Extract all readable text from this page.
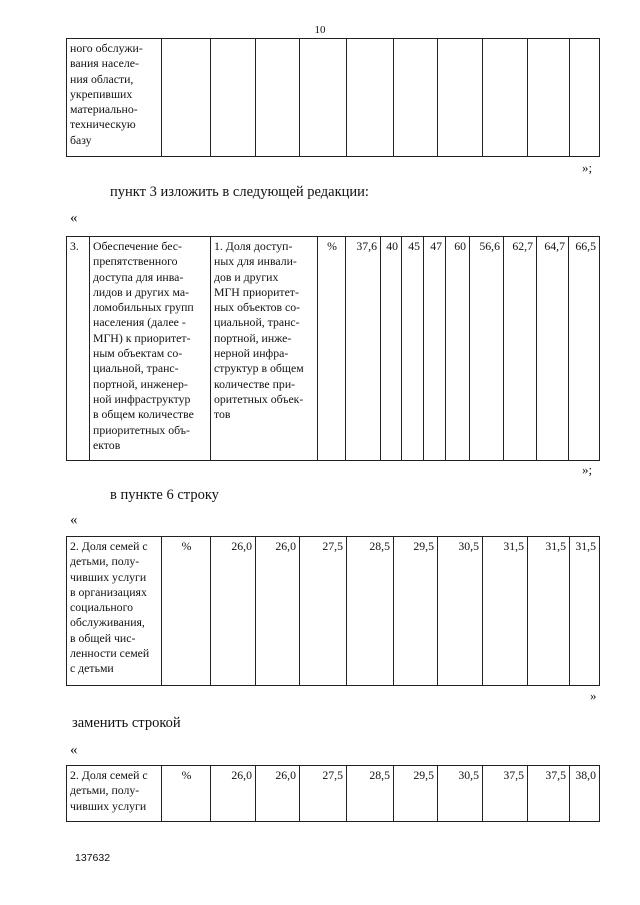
10
ного обслужи-
вания населе-
ния области,
укрепивших
материально-
техническую
базу										
»;
пункт 3 изложить в следующей редакции:
«
3.	Обеспечение бес-
препятственного
доступа для инва-
лидов и других ма-
ломобильных групп
населения (далее -
МГН) к приоритет-
ным объектам со-
циальной, транс-
портной, инженер-
ной инфраструктур
в общем количестве
приоритетных объ-
ектов	1. Доля доступ-
ных для инвали-
дов и других
МГН приоритет-
ных объектов со-
циальной, транс-
портной, инже-
нерной инфра-
структур в общем
количестве при-
оритетных объек-
тов	%	37,6	40	45	47	60	56,6	62,7	64,7	66,5
»;
в пункте 6 строку
«
2. Доля семей с
детьми, полу-
чивших услуги
в организациях
социального
обслуживания,
в общей чис-
ленности семей
с детьми	%	26,0	26,0	27,5	28,5	29,5	30,5	31,5	31,5	31,5
»
заменить строкой
«
2. Доля семей с
детьми, полу-
чивших услуги	%	26,0	26,0	27,5	28,5	29,5	30,5	37,5	37,5	38,0
137632
